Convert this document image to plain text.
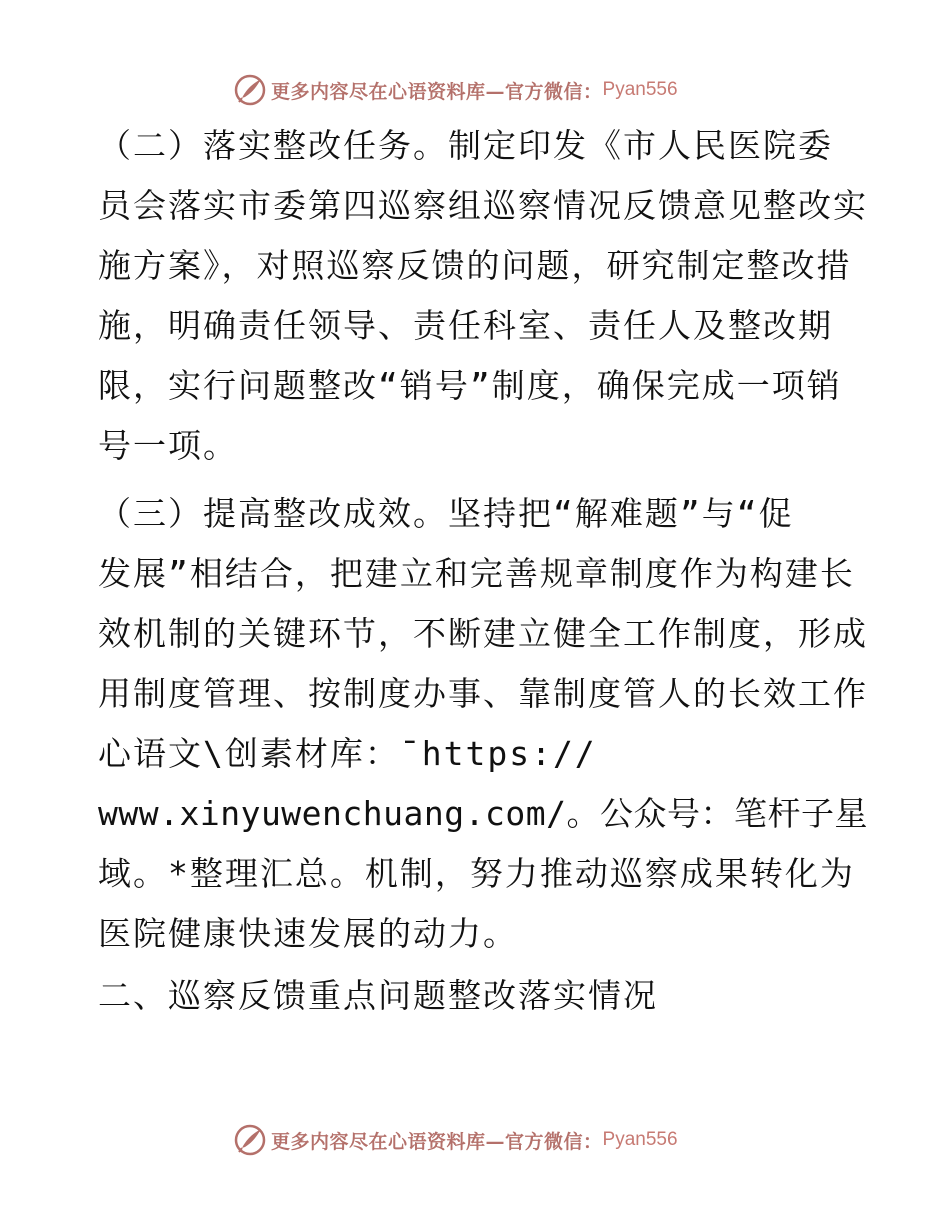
更多内容尽在心语资料库—官方微信： Pyan556
（二）落实整改任务。制定印发《市人民医院委
员会落实市委第四巡察组巡察情况反馈意见整改实
施方案》，对照巡察反馈的问题，研究制定整改措
施，明确责任领导、责任科室、责任人及整改期
限，实行问题整改“销号”制度，确保完成一项销
号一项。
（三）提高整改成效。坚持把“解难题”与“促
发展”相结合，把建立和完善规章制度作为构建长
效机制的关键环节，不断建立健全工作制度，形成
用制度管理、按制度办事、靠制度管人的长效工作
心语文\创素材库：¯https://
www.xinyuwenchuang.com/。公众号：笔杆子星
域。*整理汇总。机制，努力推动巡察成果转化为
医院健康快速发展的动力。
二、巡察反馈重点问题整改落实情况
更多内容尽在心语资料库—官方微信： Pyan556
